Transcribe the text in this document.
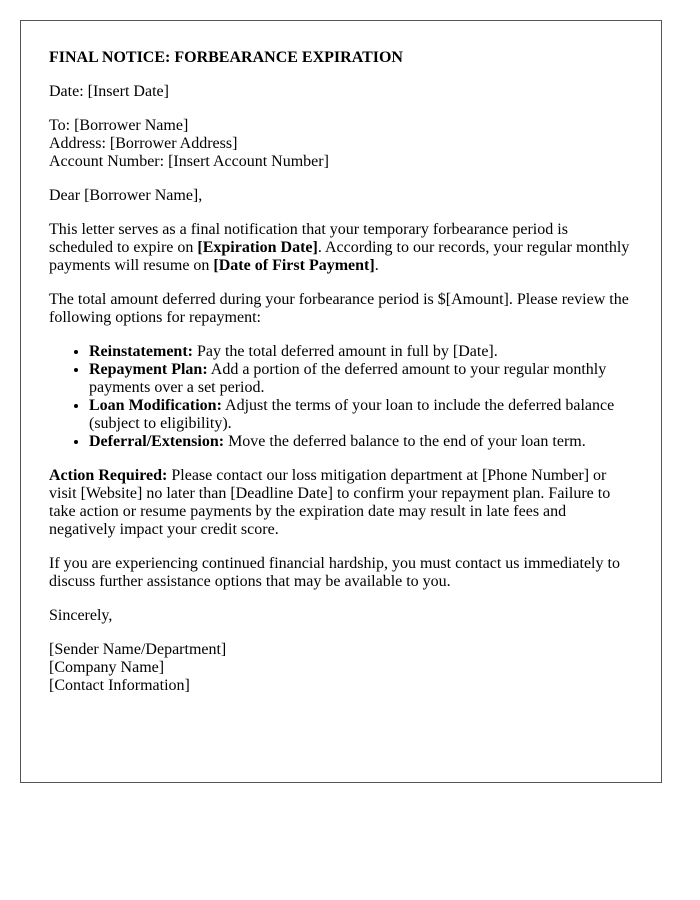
FINAL NOTICE: FORBEARANCE EXPIRATION

Date: [Insert Date]

To: [Borrower Name]
Address: [Borrower Address]
Account Number: [Insert Account Number]

Dear [Borrower Name],

This letter serves as a final notification that your temporary forbearance period is scheduled to expire on [Expiration Date]. According to our records, your regular monthly payments will resume on [Date of First Payment].

The total amount deferred during your forbearance period is $[Amount]. Please review the following options for repayment:

• Reinstatement: Pay the total deferred amount in full by [Date].
• Repayment Plan: Add a portion of the deferred amount to your regular monthly payments over a set period.
• Loan Modification: Adjust the terms of your loan to include the deferred balance (subject to eligibility).
• Deferral/Extension: Move the deferred balance to the end of your loan term.

Action Required: Please contact our loss mitigation department at [Phone Number] or visit [Website] no later than [Deadline Date] to confirm your repayment plan. Failure to take action or resume payments by the expiration date may result in late fees and negatively impact your credit score.

If you are experiencing continued financial hardship, you must contact us immediately to discuss further assistance options that may be available to you.

Sincerely,

[Sender Name/Department]
[Company Name]
[Contact Information]
